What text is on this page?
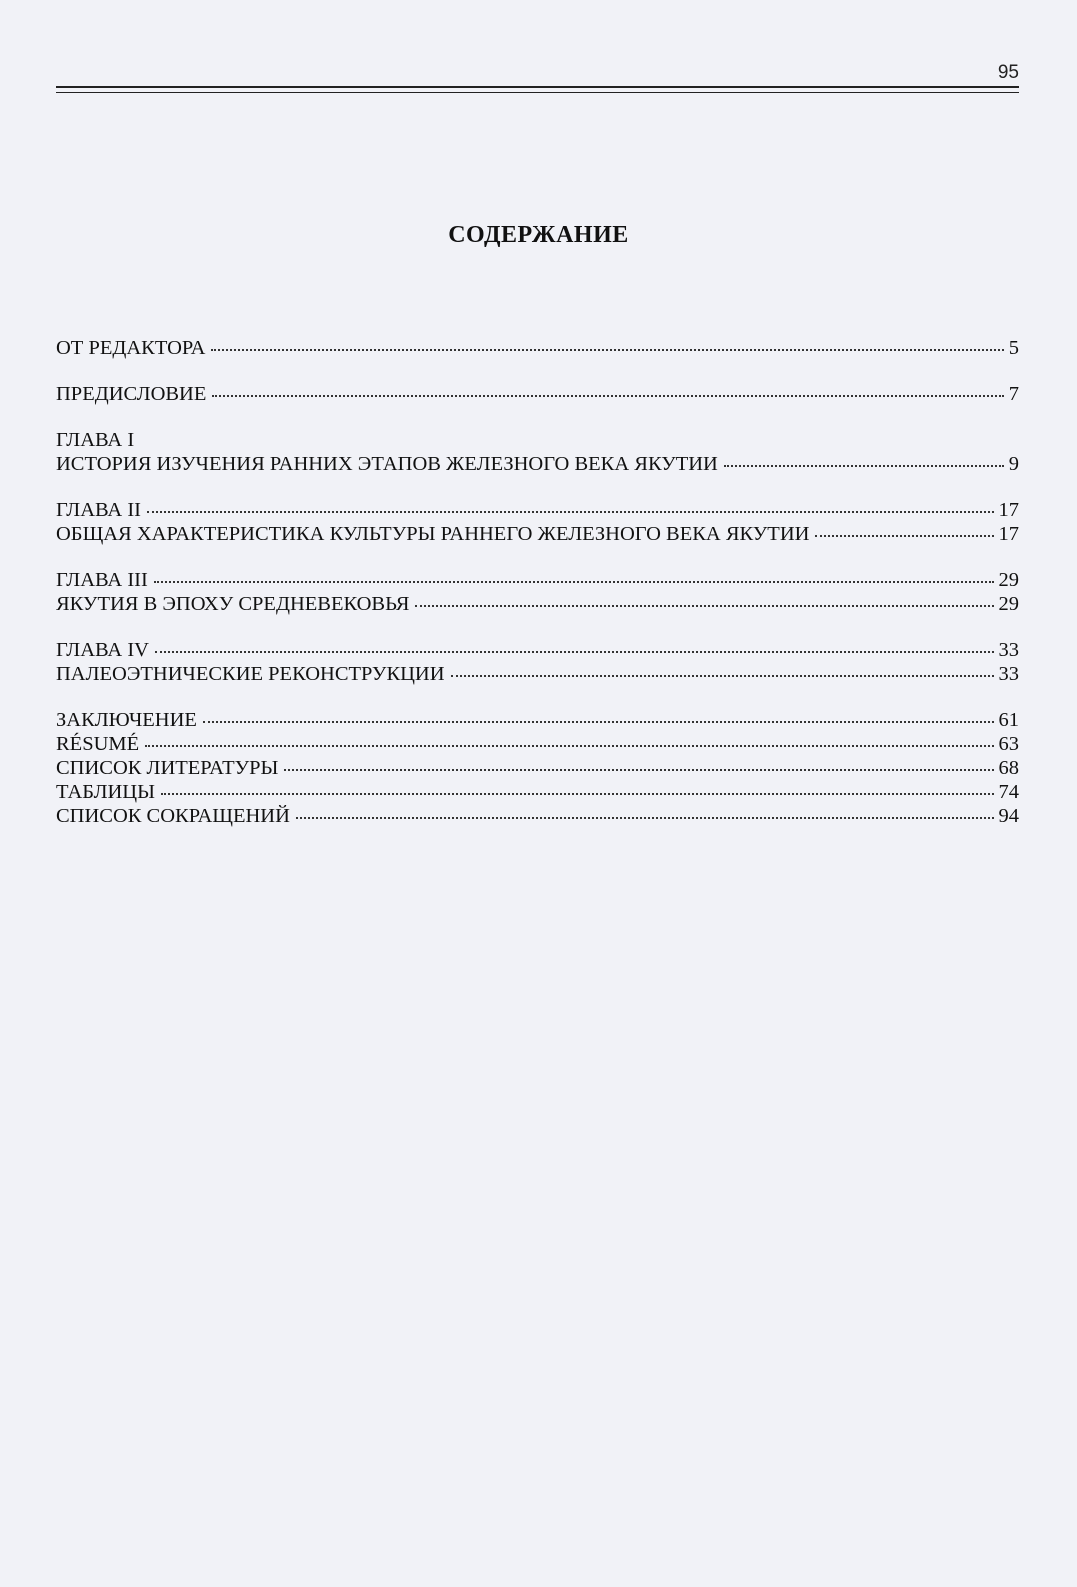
95
СОДЕРЖАНИЕ
ОТ РЕДАКТОРА	5
ПРЕДИСЛОВИЕ	7
ГЛАВА I
ИСТОРИЯ ИЗУЧЕНИЯ РАННИХ ЭТАПОВ ЖЕЛЕЗНОГО ВЕКА ЯКУТИИ	9
ГЛАВА II	17
ОБЩАЯ ХАРАКТЕРИСТИКА КУЛЬТУРЫ РАННЕГО ЖЕЛЕЗНОГО ВЕКА ЯКУТИИ	17
ГЛАВА III	29
ЯКУТИЯ В ЭПОХУ СРЕДНЕВЕКОВЬЯ	29
ГЛАВА IV	33
ПАЛЕОЭТНИЧЕСКИЕ РЕКОНСТРУКЦИИ	33
ЗАКЛЮЧЕНИЕ	61
RÉSUMÉ	63
СПИСОК ЛИТЕРАТУРЫ	68
ТАБЛИЦЫ	74
СПИСОК СОКРАЩЕНИЙ	94
